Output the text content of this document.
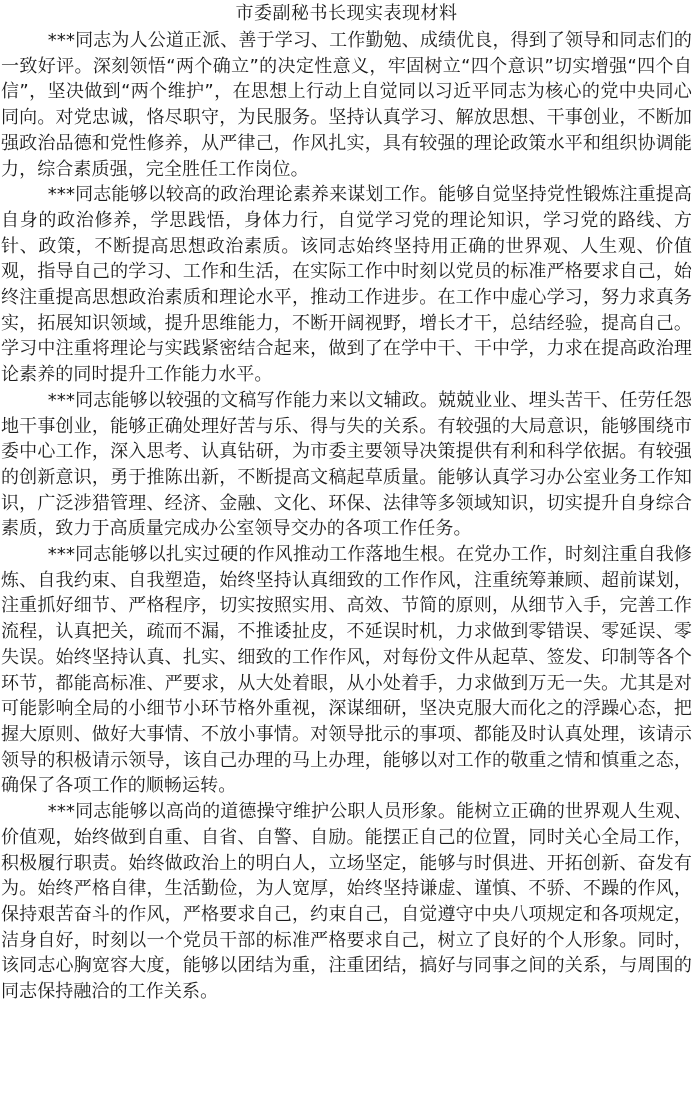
市委副秘书长现实表现材料

***同志为人公道正派、善于学习、工作勤勉、成绩优良，得到了领导和同志们的一致好评。深刻领悟“两个确立”的决定性意义，牢固树立“四个意识”切实增强“四个自信”，坚决做到“两个维护”，在思想上行动上自觉同以习近平同志为核心的党中央同心同向。对党忠诚，恪尽职守，为民服务。坚持认真学习、解放思想、干事创业，不断加强政治品德和党性修养，从严律己，作风扎实，具有较强的理论政策水平和组织协调能力，综合素质强，完全胜任工作岗位。

***同志能够以较高的政治理论素养来谋划工作。能够自觉坚持党性锻炼注重提高自身的政治修养，学思践悟，身体力行，自觉学习党的理论知识，学习党的路线、方针、政策，不断提高思想政治素质。该同志始终坚持用正确的世界观、人生观、价值观，指导自己的学习、工作和生活，在实际工作中时刻以党员的标准严格要求自己，始终注重提高思想政治素质和理论水平，推动工作进步。在工作中虚心学习，努力求真务实，拓展知识领域，提升思维能力，不断开阔视野，增长才干，总结经验，提高自己。学习中注重将理论与实践紧密结合起来，做到了在学中干、干中学，力求在提高政治理论素养的同时提升工作能力水平。

***同志能够以较强的文稿写作能力来以文辅政。兢兢业业、埋头苦干、任劳任怨地干事创业，能够正确处理好苦与乐、得与失的关系。有较强的大局意识，能够围绕市委中心工作，深入思考、认真钻研，为市委主要领导决策提供有利和科学依据。有较强的创新意识，勇于推陈出新，不断提高文稿起草质量。能够认真学习办公室业务工作知识，广泛涉猎管理、经济、金融、文化、环保、法律等多领域知识，切实提升自身综合素质，致力于高质量完成办公室领导交办的各项工作任务。

***同志能够以扎实过硬的作风推动工作落地生根。在党办工作，时刻注重自我修炼、自我约束、自我塑造，始终坚持认真细致的工作作风，注重统筹兼顾、超前谋划，注重抓好细节、严格程序，切实按照实用、高效、节简的原则，从细节入手，完善工作流程，认真把关，疏而不漏，不推诿扯皮，不延误时机，力求做到零错误、零延误、零失误。始终坚持认真、扎实、细致的工作作风，对每份文件从起草、签发、印制等各个环节，都能高标准、严要求，从大处着眼，从小处着手，力求做到万无一失。尤其是对可能影响全局的小细节小环节格外重视，深谋细研，坚决克服大而化之的浮躁心态，把握大原则、做好大事情、不放小事情。对领导批示的事项、都能及时认真处理，该请示领导的积极请示领导，该自己办理的马上办理，能够以对工作的敬重之情和慎重之态，确保了各项工作的顺畅运转。

***同志能够以高尚的道德操守维护公职人员形象。能树立正确的世界观人生观、价值观，始终做到自重、自省、自警、自励。能摆正自己的位置，同时关心全局工作，积极履行职责。始终做政治上的明白人，立场坚定，能够与时俱进、开拓创新、奋发有为。始终严格自律，生活勤俭，为人宽厚，始终坚持谦虚、谨慎、不骄、不躁的作风，保持艰苦奋斗的作风，严格要求自己，约束自己，自觉遵守中央八项规定和各项规定，洁身自好，时刻以一个党员干部的标准严格要求自己，树立了良好的个人形象。同时，该同志心胸宽容大度，能够以团结为重，注重团结，搞好与同事之间的关系，与周围的同志保持融洽的工作关系。
